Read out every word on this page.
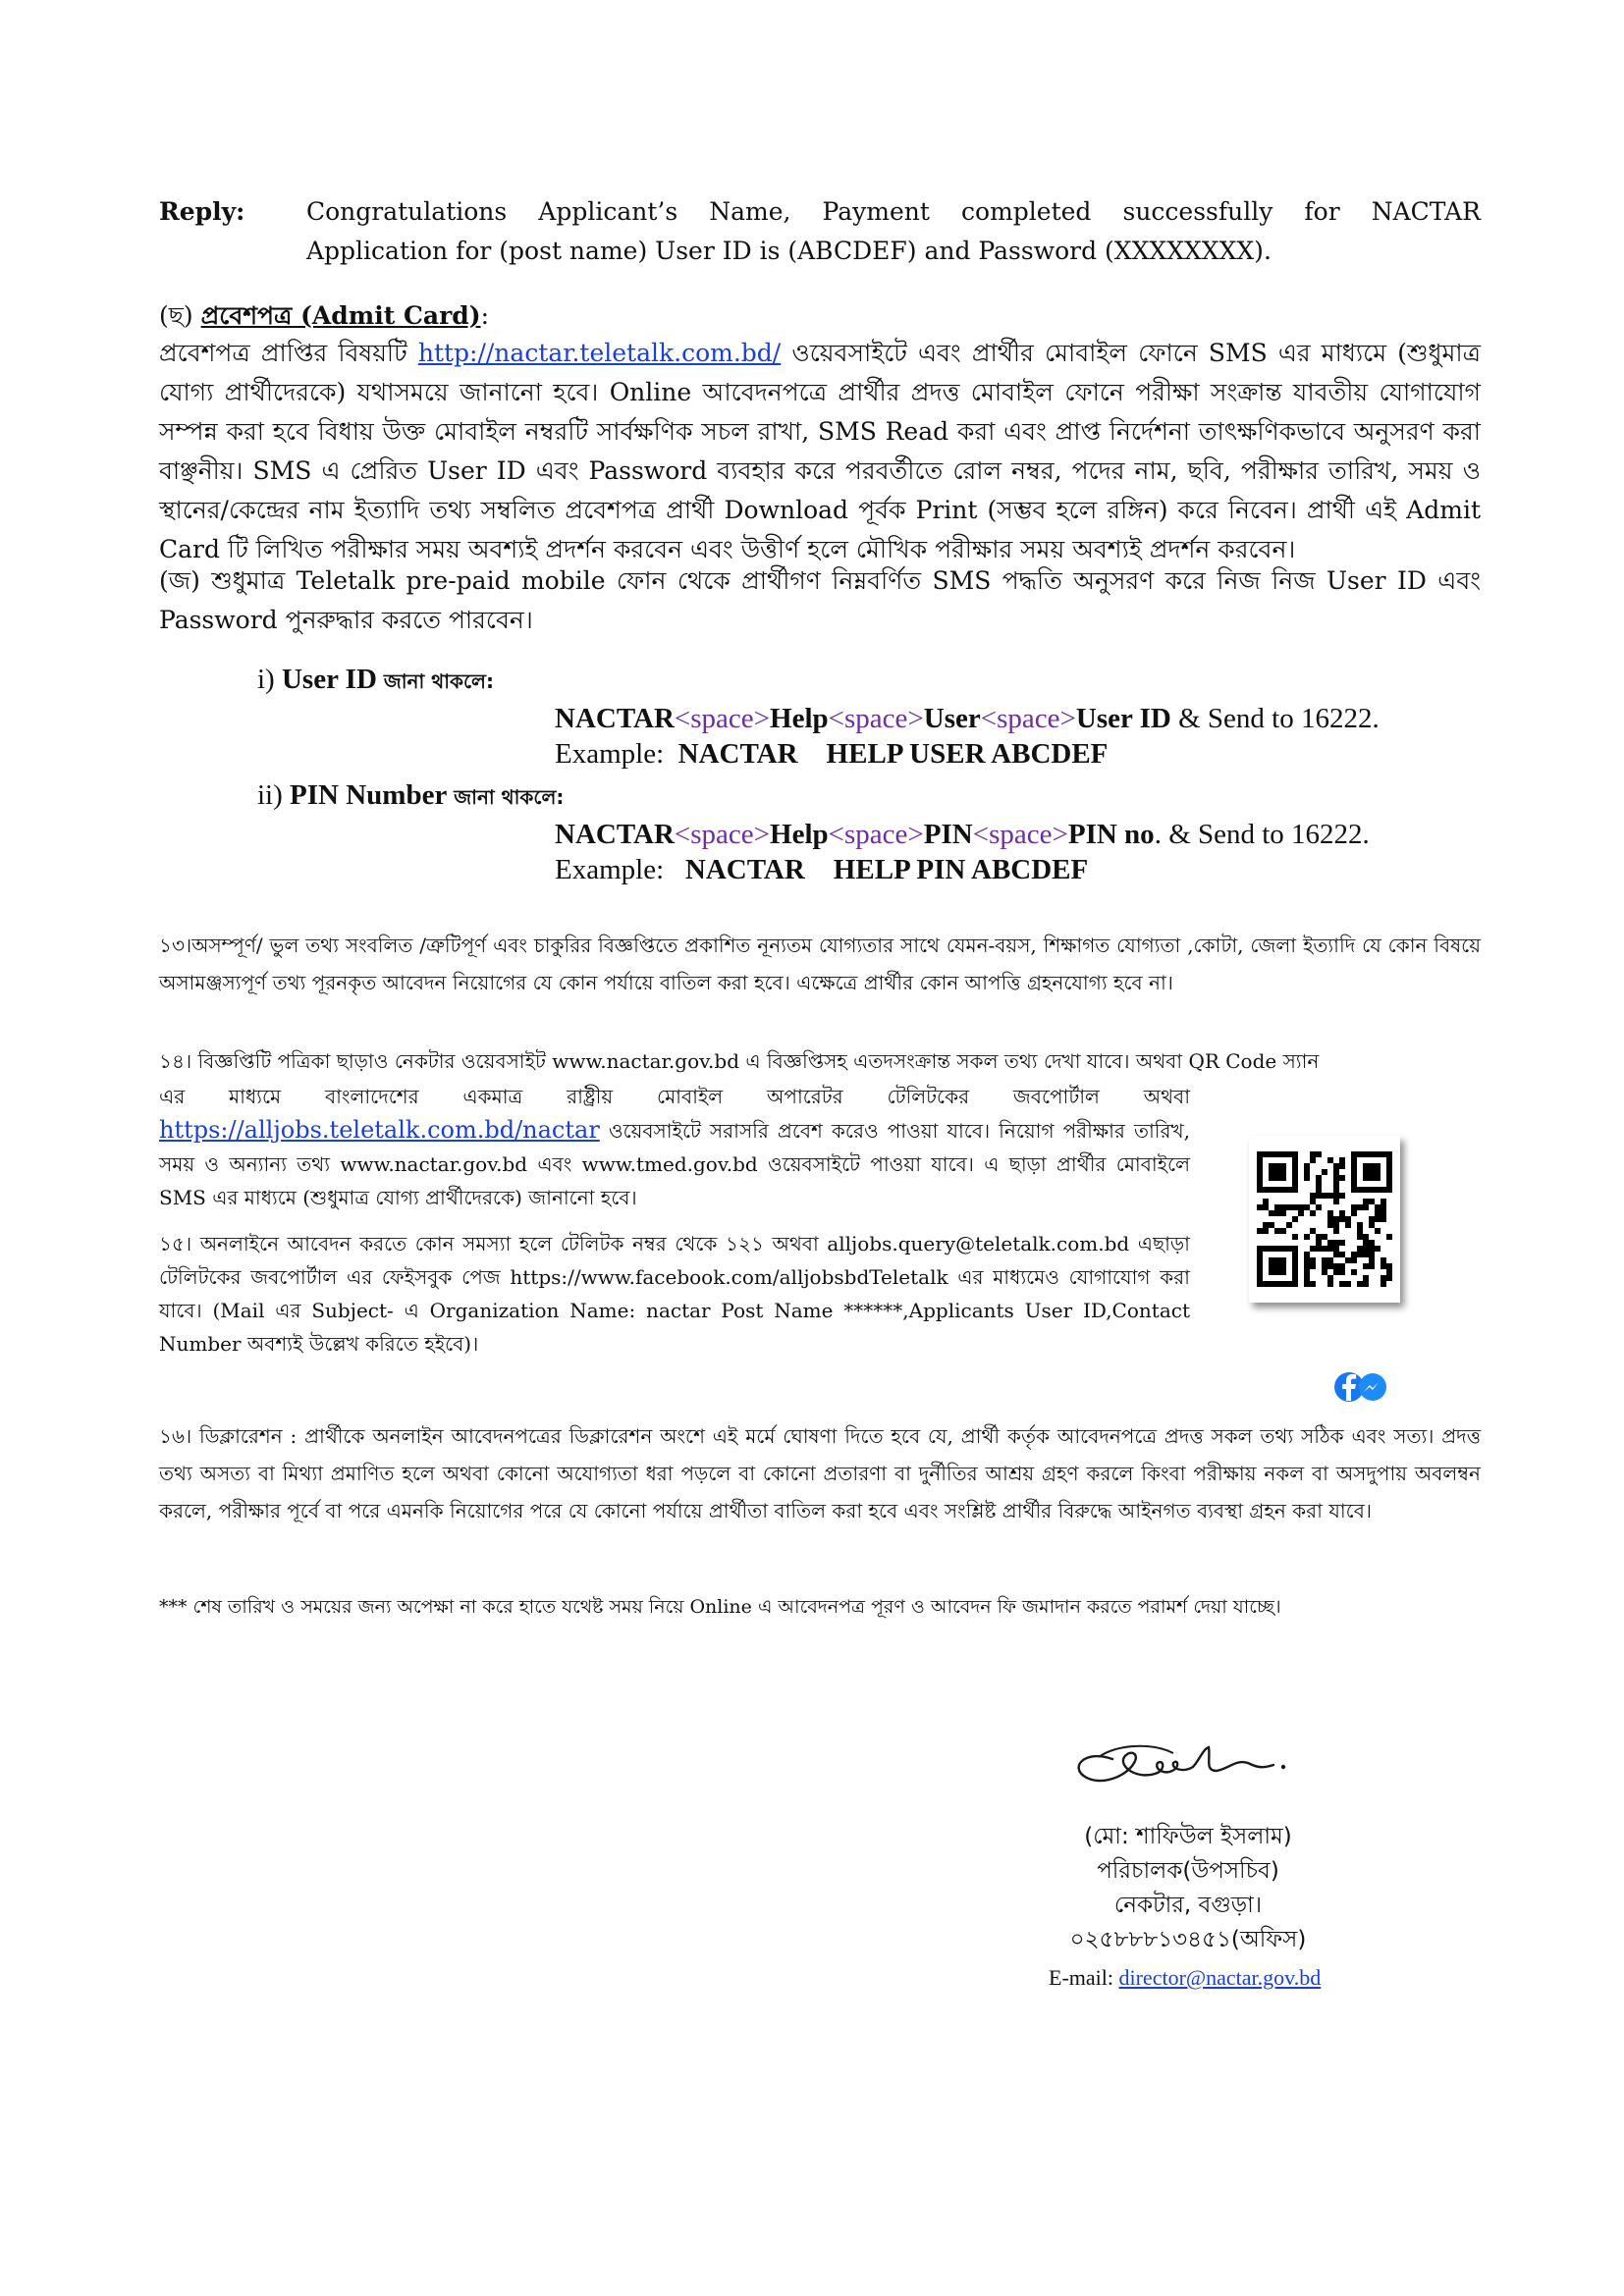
Reply:	Congratulations Applicant’s Name, Payment completed successfully for NACTAR
Application for (post name) User ID is (ABCDEF) and Password (XXXXXXXX).
(ছ) প্রবেশপত্র (Admit Card):
প্রবেশপত্র প্রাপ্তির বিষয়টি http://nactar.teletalk.com.bd/ ওয়েবসাইটে এবং প্রার্থীর মোবাইল ফোনে SMS এর মাধ্যমে (শুধুমাত্র যোগ্য প্রার্থীদেরকে) যথাসময়ে জানানো হবে। Online আবেদনপত্রে প্রার্থীর প্রদত্ত মোবাইল ফোনে পরীক্ষা সংক্রান্ত যাবতীয় যোগাযোগ সম্পন্ন করা হবে বিধায় উক্ত মোবাইল নম্বরটি সার্বক্ষণিক সচল রাখা, SMS Read করা এবং প্রাপ্ত নির্দেশনা তাৎক্ষণিকভাবে অনুসরণ করা বাঞ্ছনীয়। SMS এ প্রেরিত User ID এবং Password ব্যবহার করে পরবর্তীতে রোল নম্বর, পদের নাম, ছবি, পরীক্ষার তারিখ, সময় ও স্থানের/কেন্দ্রের নাম ইত্যাদি তথ্য সম্বলিত প্রবেশপত্র প্রার্থী Download পূর্বক Print (সম্ভব হলে রঙ্গিন) করে নিবেন। প্রার্থী এই Admit Card টি লিখিত পরীক্ষার সময় অবশ্যই প্রদর্শন করবেন এবং উত্তীর্ণ হলে মৌখিক পরীক্ষার সময় অবশ্যই প্রদর্শন করবেন।
(জ) শুধুমাত্র Teletalk pre-paid mobile ফোন থেকে প্রার্থীগণ নিম্নবর্ণিত SMS পদ্ধতি অনুসরণ করে নিজ নিজ User ID এবং Password পুনরুদ্ধার করতে পারবেন।
i) User ID জানা থাকলে:
NACTAR<space>Help<space>User<space>User ID & Send to 16222.
Example: NACTAR    HELP USER ABCDEF
ii) PIN Number জানা থাকলে:
NACTAR<space>Help<space>PIN<space>PIN no. & Send to 16222.
Example: NACTAR    HELP PIN ABCDEF
১৩।অসম্পূর্ণ/ ভুল তথ্য সংবলিত /ত্রুটিপূর্ণ এবং চাকুরির বিজ্ঞপ্তিতে প্রকাশিত নূন্যতম যোগ্যতার সাথে যেমন-বয়স, শিক্ষাগত যোগ্যতা ,কোটা, জেলা ইত্যাদি যে কোন বিষয়ে অসামঞ্জস্যপূর্ণ তথ্য পূরনকৃত আবেদন নিয়োগের যে কোন পর্যায়ে বাতিল করা হবে। এক্ষেত্রে প্রার্থীর কোন আপত্তি গ্রহনযোগ্য হবে না।
১৪। বিজ্ঞপ্তিটি পত্রিকা ছাড়াও নেকটার ওয়েবসাইট www.nactar.gov.bd এ বিজ্ঞপ্তিসহ এতদসংক্রান্ত সকল তথ্য দেখা যাবে। অথবা QR Code স্যান
এর মাধ্যমে বাংলাদেশের একমাত্র রাষ্ট্রীয় মোবাইল অপারেটর টেলিটকের জবপোর্টাল অথবা https://alljobs.teletalk.com.bd/nactar ওয়েবসাইটে সরাসরি প্রবেশ করেও পাওয়া যাবে। নিয়োগ পরীক্ষার তারিখ, সময় ও অন্যান্য তথ্য www.nactar.gov.bd এবং www.tmed.gov.bd ওয়েবসাইটে পাওয়া যাবে। এ ছাড়া প্রার্থীর মোবাইলে SMS এর মাধ্যমে (শুধুমাত্র যোগ্য প্রার্থীদেরকে) জানানো হবে।
১৫। অনলাইনে আবেদন করতে কোন সমস্যা হলে টেলিটক নম্বর থেকে ১২১ অথবা alljobs.query@teletalk.com.bd এছাড়া টেলিটকের জবপোর্টাল এর ফেইসবুক পেজ https://www.facebook.com/alljobsbdTeletalk এর মাধ্যমেও যোগাযোগ করা যাবে। (Mail এর Subject- এ Organization Name: nactar Post Name ******,Applicants User ID,Contact Number অবশ্যই উল্লেখ করিতে হইবে)।
১৬। ডিক্লারেশন : প্রার্থীকে অনলাইন আবেদনপত্রের ডিক্লারেশন অংশে এই মর্মে ঘোষণা দিতে হবে যে, প্রার্থী কর্তৃক আবেদনপত্রে প্রদত্ত সকল তথ্য সঠিক এবং সত্য। প্রদত্ত তথ্য অসত্য বা মিথ্যা প্রমাণিত হলে অথবা কোনো অযোগ্যতা ধরা পড়লে বা কোনো প্রতারণা বা দুর্নীতির আশ্রয় গ্রহণ করলে কিংবা পরীক্ষায় নকল বা অসদুপায় অবলম্বন করলে, পরীক্ষার পূর্বে বা পরে এমনকি নিয়োগের পরে যে কোনো পর্যায়ে প্রার্থীতা বাতিল করা হবে এবং সংশ্লিষ্ট প্রার্থীর বিরুদ্ধে আইনগত ব্যবস্থা গ্রহন করা যাবে।
*** শেষ তারিখ ও সময়ের জন্য অপেক্ষা না করে হাতে যথেষ্ট সময় নিয়ে Online এ আবেদনপত্র পূরণ ও আবেদন ফি জমাদান করতে পরামর্শ দেয়া যাচ্ছে।
(মো: শাফিউল ইসলাম)
পরিচালক(উপসচিব)
নেকটার, বগুড়া।
০২৫৮৮৮১৩৪৫১(অফিস)
E-mail: director@nactar.gov.bd
